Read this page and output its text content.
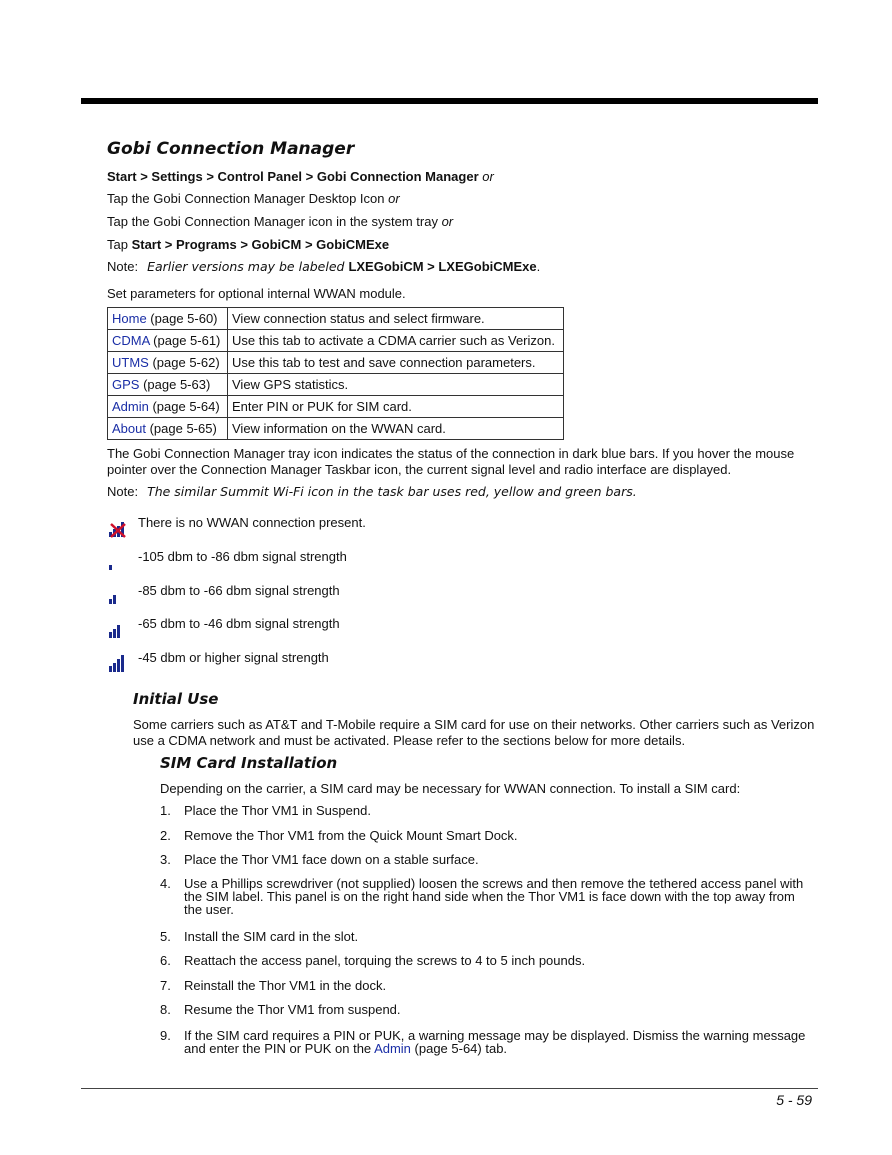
Gobi Connection Manager
Start > Settings > Control Panel > Gobi Connection Manager or
Tap the Gobi Connection Manager Desktop Icon or
Tap the Gobi Connection Manager icon in the system tray or
Tap Start > Programs > GobiCM > GobiCMExe
Note: Earlier versions may be labeled LXEGobiCM > LXEGobiCMExe.
Set parameters for optional internal WWAN module.
Home (page 5-60)	View connection status and select firmware.
CDMA (page 5-61)	Use this tab to activate a CDMA carrier such as Verizon.
UTMS (page 5-62)	Use this tab to test and save connection parameters.
GPS (page 5-63)	View GPS statistics.
Admin (page 5-64)	Enter PIN or PUK for SIM card.
About (page 5-65)	View information on the WWAN card.
The Gobi Connection Manager tray icon indicates the status of the connection in dark blue bars. If you hover the mouse
pointer over the Connection Manager Taskbar icon, the current signal level and radio interface are displayed.
Note: The similar Summit Wi-Fi icon in the task bar uses red, yellow and green bars.
There is no WWAN connection present.
-105 dbm to -86 dbm signal strength
-85 dbm to -66 dbm signal strength
-65 dbm to -46 dbm signal strength
-45 dbm or higher signal strength
Initial Use
Some carriers such as AT&T and T-Mobile require a SIM card for use on their networks. Other carriers such as Verizon
use a CDMA network and must be activated. Please refer to the sections below for more details.
SIM Card Installation
Depending on the carrier, a SIM card may be necessary for WWAN connection. To install a SIM card:
1. Place the Thor VM1 in Suspend.
2. Remove the Thor VM1 from the Quick Mount Smart Dock.
3. Place the Thor VM1 face down on a stable surface.
4. Use a Phillips screwdriver (not supplied) loosen the screws and then remove the tethered access panel with
the SIM label. This panel is on the right hand side when the Thor VM1 is face down with the top away from
the user.
5. Install the SIM card in the slot.
6. Reattach the access panel, torquing the screws to 4 to 5 inch pounds.
7. Reinstall the Thor VM1 in the dock.
8. Resume the Thor VM1 from suspend.
9. If the SIM card requires a PIN or PUK, a warning message may be displayed. Dismiss the warning message
and enter the PIN or PUK on the Admin (page 5-64) tab.
5 - 59
